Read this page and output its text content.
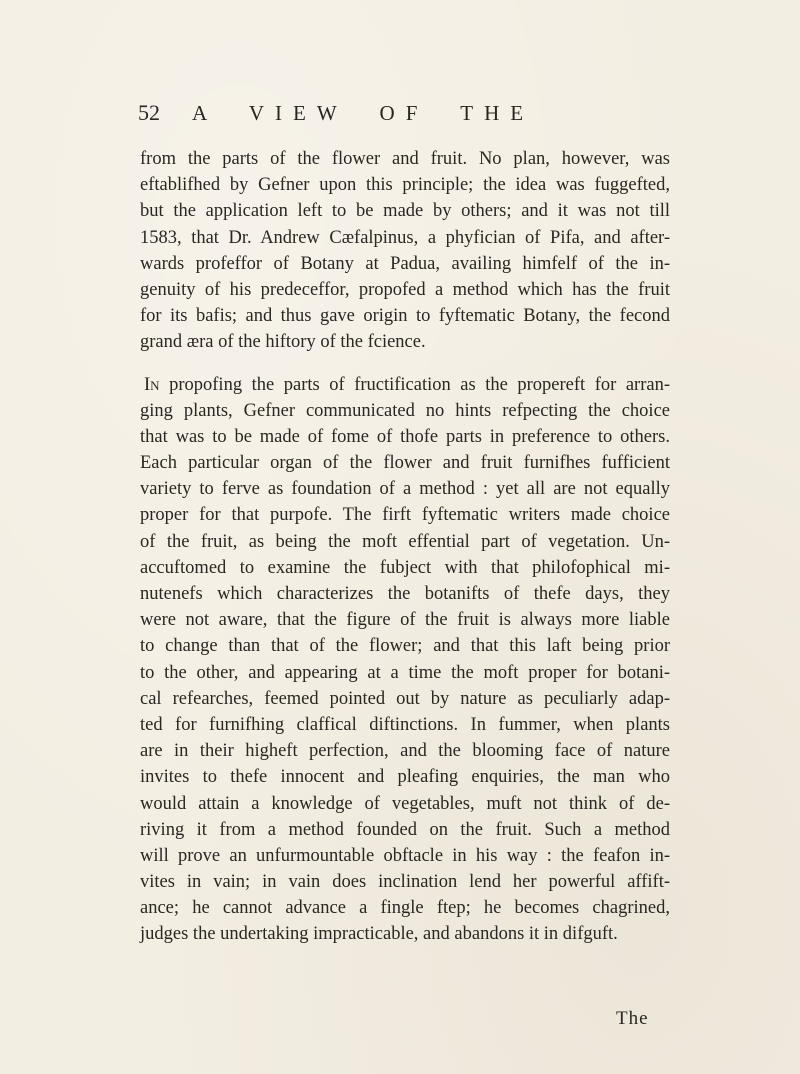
52	A VIEW OF THE
from the parts of the flower and fruit. No plan, however, was
eftablifhed by Gefner upon this principle; the idea was fuggefted,
but the application left to be made by others; and it was not till
1583, that Dr. Andrew Cæfalpinus, a phyfician of Pifa, and after-
wards profeffor of Botany at Padua, availing himfelf of the in-
genuity of his predeceffor, propofed a method which has the fruit
for its bafis; and thus gave origin to fyftematic Botany, the fecond
grand æra of the hiftory of the fcience.
In propofing the parts of fructification as the propereft for arran-
ging plants, Gefner communicated no hints refpecting the choice
that was to be made of fome of thofe parts in preference to others.
Each particular organ of the flower and fruit furnifhes fufficient
variety to ferve as foundation of a method : yet all are not equally
proper for that purpofe. The firft fyftematic writers made choice
of the fruit, as being the moft effential part of vegetation. Un-
accuftomed to examine the fubject with that philofophical mi-
nutenefs which characterizes the botanifts of thefe days, they
were not aware, that the figure of the fruit is always more liable
to change than that of the flower; and that this laft being prior
to the other, and appearing at a time the moft proper for botani-
cal refearches, feemed pointed out by nature as peculiarly adap-
ted for furnifhing claffical diftinctions. In fummer, when plants
are in their higheft perfection, and the blooming face of nature
invites to thefe innocent and pleafing enquiries, the man who
would attain a knowledge of vegetables, muft not think of de-
riving it from a method founded on the fruit. Such a method
will prove an unfurmountable obftacle in his way : the feafon in-
vites in vain; in vain does inclination lend her powerful affift-
ance; he cannot advance a fingle ftep; he becomes chagrined,
judges the undertaking impracticable, and abandons it in difguft.
The
